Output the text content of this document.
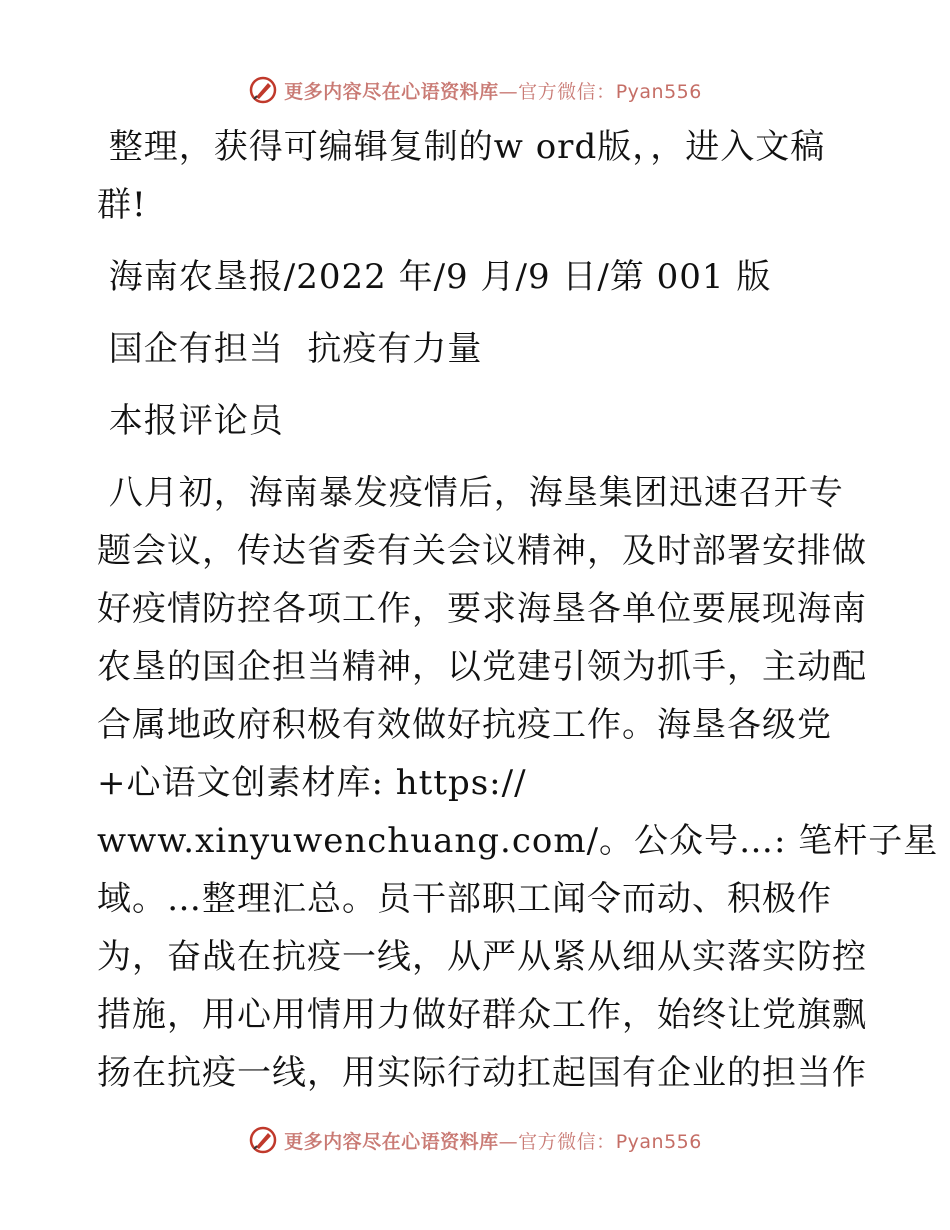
更多内容尽在心语资料库—官方微信：Pyan556
整理，获得可编辑复制的w ord版，，进入文稿
群!
海南农垦报/2022 年/9 月/9 日/第 001 版
国企有担当  抗疫有力量
本报评论员
八月初，海南暴发疫情后，海垦集团迅速召开专
题会议，传达省委有关会议精神，及时部署安排做
好疫情防控各项工作，要求海垦各单位要展现海南
农垦的国企担当精神，以党建引领为抓手，主动配
合属地政府积极有效做好抗疫工作。海垦各级党
+心语文创素材库: https://
www.xinyuwenchuang.com/。公众号…: 笔杆子星
域。…整理汇总。员干部职工闻令而动、积极作
为，奋战在抗疫一线，从严从紧从细从实落实防控
措施，用心用情用力做好群众工作，始终让党旗飘
扬在抗疫一线，用实际行动扛起国有企业的担当作
更多内容尽在心语资料库—官方微信：Pyan556
